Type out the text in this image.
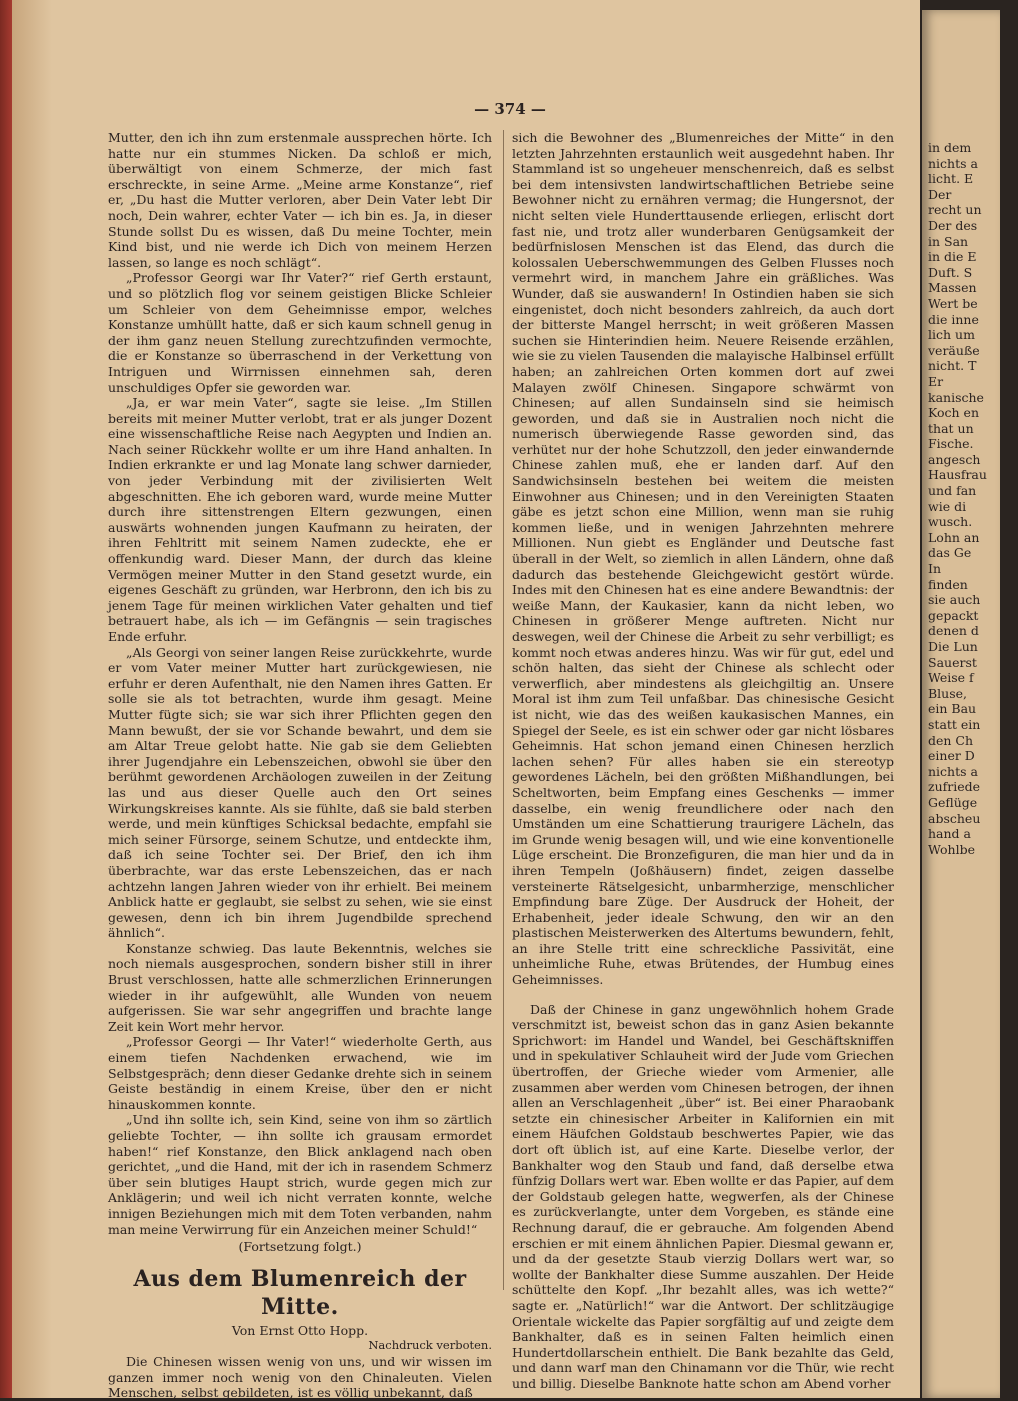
— 374 —

Mutter, den ich ihn zum erstenmale aussprechen hörte. Ich hatte nur ein stummes Nicken. Da schloß er mich, überwältigt von einem Schmerze, der mich fast erschreckte, in seine Arme. „Meine arme Konstanze“, rief er, „Du hast die Mutter verloren, aber Dein Vater lebt Dir noch, Dein wahrer, echter Vater — ich bin es. Ja, in dieser Stunde sollst Du es wissen, daß Du meine Tochter, mein Kind bist, und nie werde ich Dich von meinem Herzen lassen, so lange es noch schlägt“.

„Professor Georgi war Ihr Vater?“ rief Gerth erstaunt, und so plötzlich flog vor seinem geistigen Blicke Schleier um Schleier von dem Geheimnisse empor, welches Konstanze umhüllt hatte, daß er sich kaum schnell genug in der ihm ganz neuen Stellung zurechtzufinden vermochte, die er Konstanze so überraschend in der Verkettung von Intriguen und Wirrnissen einnehmen sah, deren unschuldiges Opfer sie geworden war.

„Ja, er war mein Vater“, sagte sie leise. „Im Stillen bereits mit meiner Mutter verlobt, trat er als junger Dozent eine wissenschaftliche Reise nach Aegypten und Indien an. Nach seiner Rückkehr wollte er um ihre Hand anhalten. In Indien erkrankte er und lag Monate lang schwer darnieder, von jeder Verbindung mit der zivilisierten Welt abgeschnitten. Ehe ich geboren ward, wurde meine Mutter durch ihre sittenstrengen Eltern gezwungen, einen auswärts wohnenden jungen Kaufmann zu heiraten, der ihren Fehltritt mit seinem Namen zudeckte, ehe er offenkundig ward. Dieser Mann, der durch das kleine Vermögen meiner Mutter in den Stand gesetzt wurde, ein eigenes Geschäft zu gründen, war Herbronn, den ich bis zu jenem Tage für meinen wirklichen Vater gehalten und tief betrauert habe, als ich — im Gefängnis — sein tragisches Ende erfuhr.

„Als Georgi von seiner langen Reise zurückkehrte, wurde er vom Vater meiner Mutter hart zurückgewiesen, nie erfuhr er deren Aufenthalt, nie den Namen ihres Gatten. Er solle sie als tot betrachten, wurde ihm gesagt. Meine Mutter fügte sich; sie war sich ihrer Pflichten gegen den Mann bewußt, der sie vor Schande bewahrt, und dem sie am Altar Treue gelobt hatte. Nie gab sie dem Geliebten ihrer Jugendjahre ein Lebenszeichen, obwohl sie über den berühmt gewordenen Archäologen zuweilen in der Zeitung las und aus dieser Quelle auch den Ort seines Wirkungskreises kannte. Als sie fühlte, daß sie bald sterben werde, und mein künftiges Schicksal bedachte, empfahl sie mich seiner Fürsorge, seinem Schutze, und entdeckte ihm, daß ich seine Tochter sei. Der Brief, den ich ihm überbrachte, war das erste Lebenszeichen, das er nach achtzehn langen Jahren wieder von ihr erhielt. Bei meinem Anblick hatte er geglaubt, sie selbst zu sehen, wie sie einst gewesen, denn ich bin ihrem Jugendbilde sprechend ähnlich“.

Konstanze schwieg. Das laute Bekenntnis, welches sie noch niemals ausgesprochen, sondern bisher still in ihrer Brust verschlossen, hatte alle schmerzlichen Erinnerungen wieder in ihr aufgewühlt, alle Wunden von neuem aufgerissen. Sie war sehr angegriffen und brachte lange Zeit kein Wort mehr hervor.

„Professor Georgi — Ihr Vater!“ wiederholte Gerth, aus einem tiefen Nachdenken erwachend, wie im Selbstgespräch; denn dieser Gedanke drehte sich in seinem Geiste beständig in einem Kreise, über den er nicht hinauskommen konnte.

„Und ihn sollte ich, sein Kind, seine von ihm so zärtlich geliebte Tochter, — ihn sollte ich grausam ermordet haben!“ rief Konstanze, den Blick anklagend nach oben gerichtet, „und die Hand, mit der ich in rasendem Schmerz über sein blutiges Haupt strich, wurde gegen mich zur Anklägerin; und weil ich nicht verraten konnte, welche innigen Beziehungen mich mit dem Toten verbanden, nahm man meine Verwirrung für ein Anzeichen meiner Schuld!“

(Fortsetzung folgt.)
Aus dem Blumenreich der Mitte.
Von Ernst Otto Hopp.
Nachdruck verboten.

Die Chinesen wissen wenig von uns, und wir wissen im ganzen immer noch wenig von den Chinaleuten. Vielen Menschen, selbst gebildeten, ist es völlig unbekannt, daß

sich die Bewohner des „Blumenreiches der Mitte“ in den letzten Jahrzehnten erstaunlich weit ausgedehnt haben. Ihr Stammland ist so ungeheuer menschenreich, daß es selbst bei dem intensivsten landwirtschaftlichen Betriebe seine Bewohner nicht zu ernähren vermag; die Hungersnot, der nicht selten viele Hunderttausende erliegen, erlischt dort fast nie, und trotz aller wunderbaren Genügsamkeit der bedürfnislosen Menschen ist das Elend, das durch die kolossalen Ueberschwemmungen des Gelben Flusses noch vermehrt wird, in manchem Jahre ein gräßliches. Was Wunder, daß sie auswandern! In Ostindien haben sie sich eingenistet, doch nicht besonders zahlreich, da auch dort der bitterste Mangel herrscht; in weit größeren Massen suchen sie Hinterindien heim. Neuere Reisende erzählen, wie sie zu vielen Tausenden die malayische Halbinsel erfüllt haben; an zahlreichen Orten kommen dort auf zwei Malayen zwölf Chinesen. Singapore schwärmt von Chinesen; auf allen Sundainseln sind sie heimisch geworden, und daß sie in Australien noch nicht die numerisch überwiegende Rasse geworden sind, das verhütet nur der hohe Schutzzoll, den jeder einwandernde Chinese zahlen muß, ehe er landen darf. Auf den Sandwichsinseln bestehen bei weitem die meisten Einwohner aus Chinesen; und in den Vereinigten Staaten gäbe es jetzt schon eine Million, wenn man sie ruhig kommen ließe, und in wenigen Jahrzehnten mehrere Millionen. Nun giebt es Engländer und Deutsche fast überall in der Welt, so ziemlich in allen Ländern, ohne daß dadurch das bestehende Gleichgewicht gestört würde. Indes mit den Chinesen hat es eine andere Bewandtnis: der weiße Mann, der Kaukasier, kann da nicht leben, wo Chinesen in größerer Menge auftreten. Nicht nur deswegen, weil der Chinese die Arbeit zu sehr verbilligt; es kommt noch etwas anderes hinzu. Was wir für gut, edel und schön halten, das sieht der Chinese als schlecht oder verwerflich, aber mindestens als gleichgiltig an. Unsere Moral ist ihm zum Teil unfaßbar. Das chinesische Gesicht ist nicht, wie das des weißen kaukasischen Mannes, ein Spiegel der Seele, es ist ein schwer oder gar nicht lösbares Geheimnis. Hat schon jemand einen Chinesen herzlich lachen sehen? Für alles haben sie ein stereotyp gewordenes Lächeln, bei den größten Mißhandlungen, bei Scheltworten, beim Empfang eines Geschenks — immer dasselbe, ein wenig freundlichere oder nach den Umständen um eine Schattierung traurigere Lächeln, das im Grunde wenig besagen will, und wie eine konventionelle Lüge erscheint. Die Bronzefiguren, die man hier und da in ihren Tempeln (Joßhäusern) findet, zeigen dasselbe versteinerte Rätselgesicht, unbarmherzige, menschlicher Empfindung bare Züge. Der Ausdruck der Hoheit, der Erhabenheit, jeder ideale Schwung, den wir an den plastischen Meisterwerken des Altertums bewundern, fehlt, an ihre Stelle tritt eine schreckliche Passivität, eine unheimliche Ruhe, etwas Brütendes, der Humbug eines Geheimnisses.

Daß der Chinese in ganz ungewöhnlich hohem Grade verschmitzt ist, beweist schon das in ganz Asien bekannte Sprichwort: im Handel und Wandel, bei Geschäftskniffen und in spekulativer Schlauheit wird der Jude vom Griechen übertroffen, der Grieche wieder vom Armenier, alle zusammen aber werden vom Chinesen betrogen, der ihnen allen an Verschlagenheit „über“ ist. Bei einer Pharaobank setzte ein chinesischer Arbeiter in Kalifornien ein mit einem Häufchen Goldstaub beschwertes Papier, wie das dort oft üblich ist, auf eine Karte. Dieselbe verlor, der Bankhalter wog den Staub und fand, daß derselbe etwa fünfzig Dollars wert war. Eben wollte er das Papier, auf dem der Goldstaub gelegen hatte, wegwerfen, als der Chinese es zurückverlangte, unter dem Vorgeben, es stände eine Rechnung darauf, die er gebrauche. Am folgenden Abend erschien er mit einem ähnlichen Papier. Diesmal gewann er, und da der gesetzte Staub vierzig Dollars wert war, so wollte der Bankhalter diese Summe auszahlen. Der Heide schüttelte den Kopf. „Ihr bezahlt alles, was ich wette?“ sagte er. „Natürlich!“ war die Antwort. Der schlitzäugige Orientale wickelte das Papier sorgfältig auf und zeigte dem Bankhalter, daß es in seinen Falten heimlich einen Hundertdollarschein enthielt. Die Bank bezahlte das Geld, und dann warf man den Chinamann vor die Thür, wie recht und billig. Dieselbe Banknote hatte schon am Abend vorher

in dem
nichts a
licht. E
Der
recht un
Der des
in San
in die E
Duft. S
Massen
Wert be
die inne
lich um
veräuße
nicht. T
Er
kanische
Koch en
that un
Fische.
angesch
Hausfrau
und fan
wie di
wusch.
Lohn an
das Ge
In
finden
sie auch
gepackt
denen d
Die Lun
Sauerst
Weise f
Bluse,
ein Bau
statt ein
den Ch
einer D
nichts a
zufriede
Geflüge
abscheu
hand a
Wohlbe
